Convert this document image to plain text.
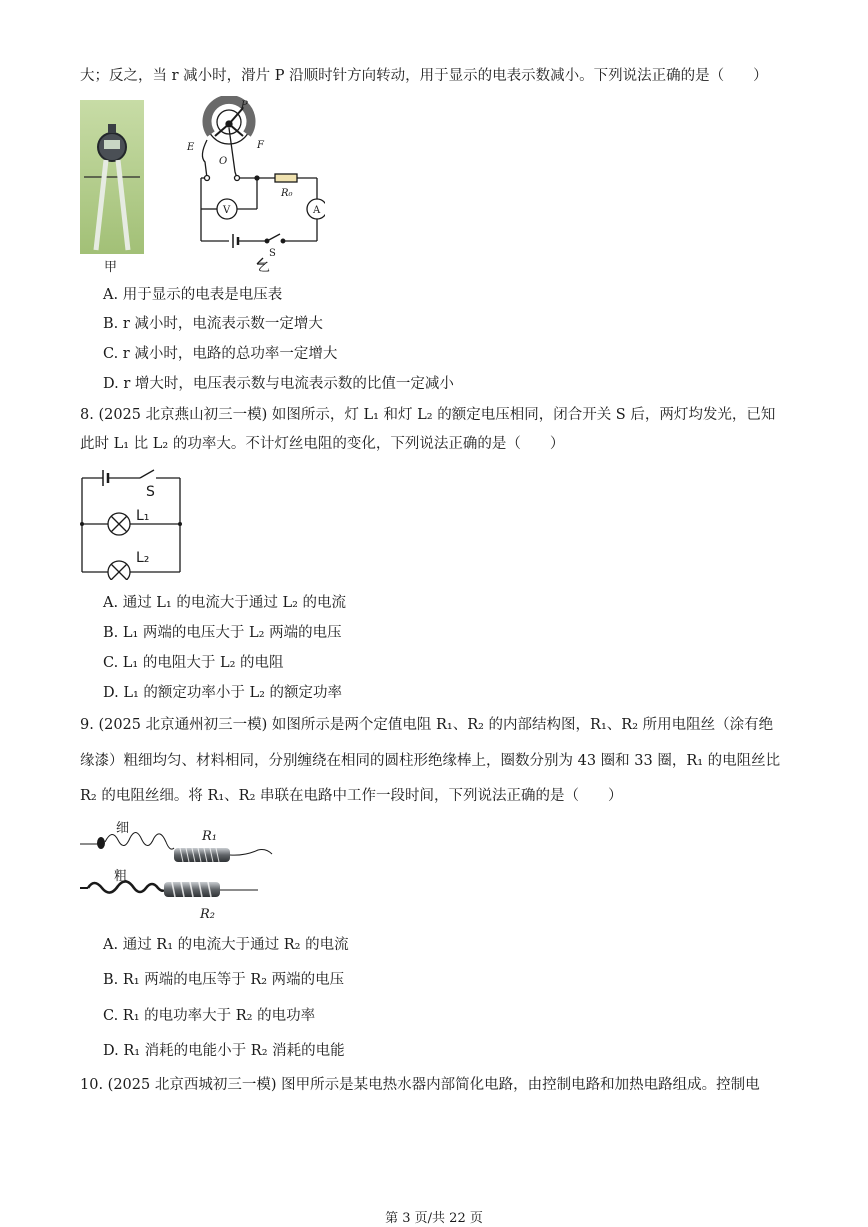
大；反之，当 r 减小时，滑片 P 沿顺时针方向转动，用于显示的电表示数减小。下列说法正确的是（　　）
甲
P
E	F
O
R₀
V	A
S
乙
A. 用于显示的电表是电压表
B. r 减小时，电流表示数一定增大
C. r 减小时，电路的总功率一定增大
D. r 增大时，电压表示数与电流表示数的比值一定减小
8. (2025 北京燕山初三一模) 如图所示，灯 L₁ 和灯 L₂ 的额定电压相同，闭合开关 S 后，两灯均发光，已知
此时 L₁ 比 L₂ 的功率大。不计灯丝电阻的变化，下列说法正确的是（　　）
S
L₁
L₂
A. 通过 L₁ 的电流大于通过 L₂ 的电流
B. L₁ 两端的电压大于 L₂ 两端的电压
C. L₁ 的电阻大于 L₂ 的电阻
D. L₁ 的额定功率小于 L₂ 的额定功率
9. (2025 北京通州初三一模) 如图所示是两个定值电阻 R₁、R₂ 的内部结构图，R₁、R₂ 所用电阻丝（涂有绝
缘漆）粗细均匀、材料相同，分别缠绕在相同的圆柱形绝缘棒上，圈数分别为 43 圈和 33 圈，R₁ 的电阻丝比
R₂ 的电阻丝细。将 R₁、R₂ 串联在电路中工作一段时间，下列说法正确的是（　　）
细
粗
R₁
R₂
A. 通过 R₁ 的电流大于通过 R₂ 的电流
B. R₁ 两端的电压等于 R₂ 两端的电压
C. R₁ 的电功率大于 R₂ 的电功率
D. R₁ 消耗的电能小于 R₂ 消耗的电能
10. (2025 北京西城初三一模) 图甲所示是某电热水器内部简化电路，由控制电路和加热电路组成。控制电
第 3 页/共 22 页
